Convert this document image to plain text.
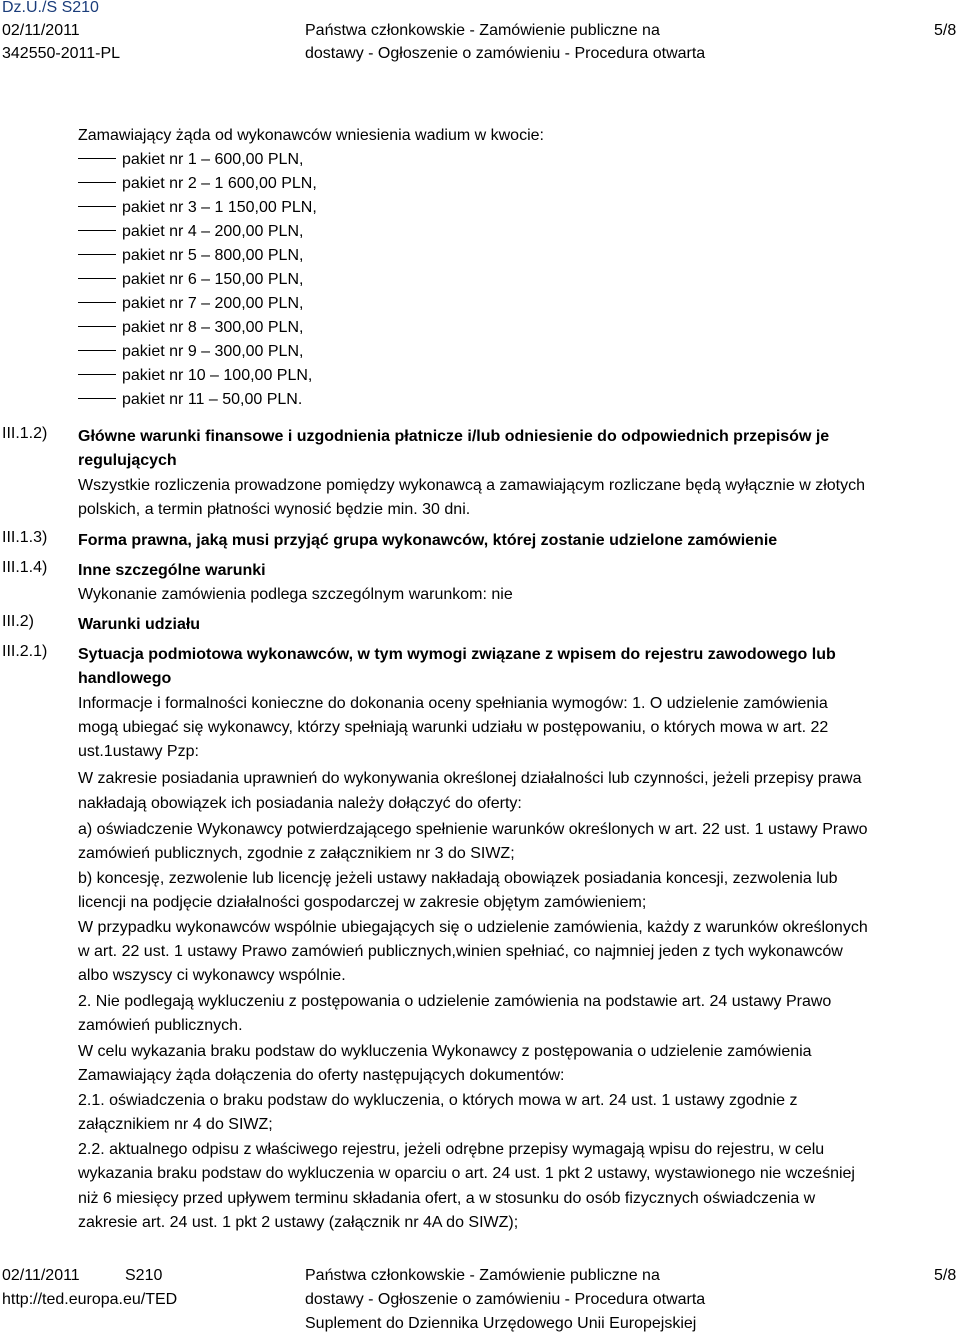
Dz.U./S S210
02/11/2011
342550-2011-PL
Państwa członkowskie - Zamówienie publiczne na
dostawy - Ogłoszenie o zamówieniu - Procedura otwarta
5/8
Zamawiający żąda od wykonawców wniesienia wadium w kwocie:
pakiet nr 1 – 600,00 PLN,
pakiet nr 2 – 1 600,00 PLN,
pakiet nr 3 – 1 150,00 PLN,
pakiet nr 4 – 200,00 PLN,
pakiet nr 5 – 800,00 PLN,
pakiet nr 6 – 150,00 PLN,
pakiet nr 7 – 200,00 PLN,
pakiet nr 8 – 300,00 PLN,
pakiet nr 9 – 300,00 PLN,
pakiet nr 10 – 100,00 PLN,
pakiet nr 11 – 50,00 PLN.
III.1.2)
III.1.3)
III.1.4)
III.2)
III.2.1)
Główne warunki finansowe i uzgodnienia płatnicze i/lub odniesienie do odpowiednich przepisów je
regulujących
Wszystkie rozliczenia prowadzone pomiędzy wykonawcą a zamawiającym rozliczane będą wyłącznie w złotych
polskich, a termin płatności wynosić będzie min. 30 dni.
Forma prawna, jaką musi przyjąć grupa wykonawców, której zostanie udzielone zamówienie
Inne szczególne warunki
Wykonanie zamówienia podlega szczególnym warunkom: nie
Warunki udziału
Sytuacja podmiotowa wykonawców, w tym wymogi związane z wpisem do rejestru zawodowego lub
handlowego
Informacje i formalności konieczne do dokonania oceny spełniania wymogów: 1. O udzielenie zamówienia
mogą ubiegać się wykonawcy, którzy spełniają warunki udziału w postępowaniu, o których mowa w art. 22
ust.1ustawy Pzp:
W zakresie posiadania uprawnień do wykonywania określonej działalności lub czynności, jeżeli przepisy prawa
nakładają obowiązek ich posiadania należy dołączyć do oferty:
a) oświadczenie Wykonawcy potwierdzającego spełnienie warunków określonych w art. 22 ust. 1 ustawy Prawo
zamówień publicznych, zgodnie z załącznikiem nr 3 do SIWZ;
b) koncesję, zezwolenie lub licencję jeżeli ustawy nakładają obowiązek posiadania koncesji, zezwolenia lub
licencji na podjęcie działalności gospodarczej w zakresie objętym zamówieniem;
W przypadku wykonawców wspólnie ubiegających się o udzielenie zamówienia, każdy z warunków określonych
w art. 22 ust. 1 ustawy Prawo zamówień publicznych,winien spełniać, co najmniej jeden z tych wykonawców
albo wszyscy ci wykonawcy wspólnie.
2. Nie podlegają wykluczeniu z postępowania o udzielenie zamówienia na podstawie art. 24 ustawy Prawo
zamówień publicznych.
W celu wykazania braku podstaw do wykluczenia Wykonawcy z postępowania o udzielenie zamówienia
Zamawiający żąda dołączenia do oferty następujących dokumentów:
2.1. oświadczenia o braku podstaw do wykluczenia, o których mowa w art. 24 ust. 1 ustawy zgodnie z
załącznikiem nr 4 do SIWZ;
2.2. aktualnego odpisu z właściwego rejestru, jeżeli odrębne przepisy wymagają wpisu do rejestru, w celu
wykazania braku podstaw do wykluczenia w oparciu o art. 24 ust. 1 pkt 2 ustawy, wystawionego nie wcześniej
niż 6 miesięcy przed upływem terminu składania ofert, a w stosunku do osób fizycznych oświadczenia w
zakresie art. 24 ust. 1 pkt 2 ustawy (załącznik nr 4A do SIWZ);
02/11/2011	S210
http://ted.europa.eu/TED
Państwa członkowskie - Zamówienie publiczne na
dostawy - Ogłoszenie o zamówieniu - Procedura otwarta
Suplement do Dziennika Urzędowego Unii Europejskiej
5/8
